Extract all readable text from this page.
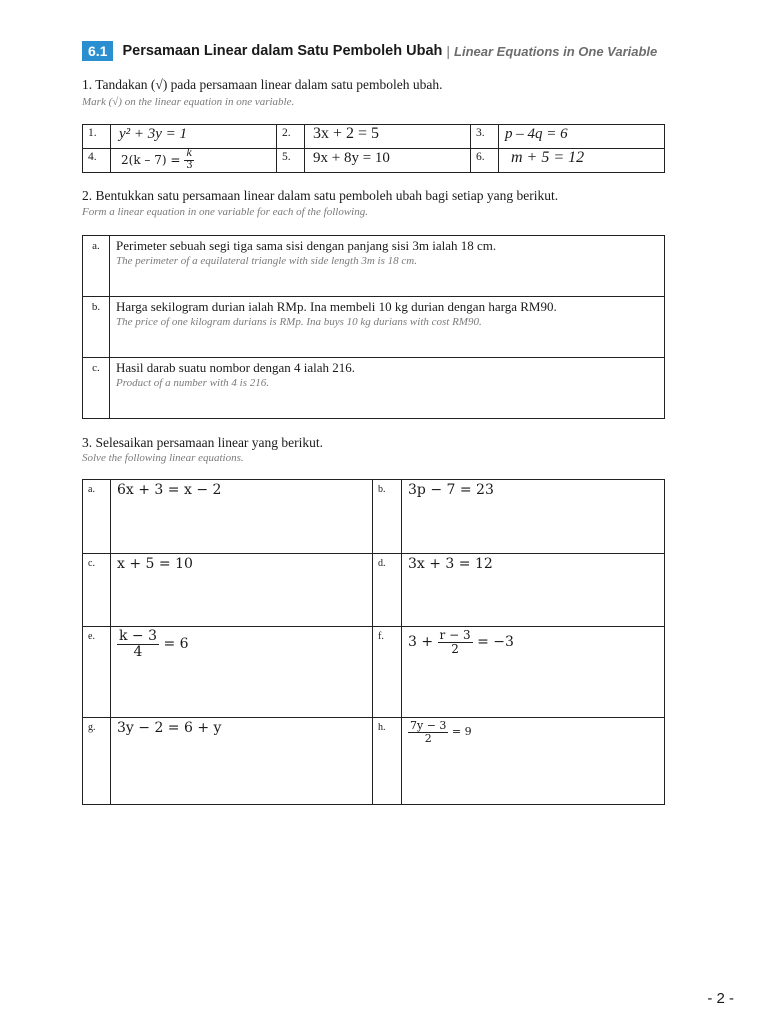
6.1	Persamaan Linear dalam Satu Pemboleh Ubah | Linear Equations in One Variable
1. Tandakan (√) pada persamaan linear dalam satu pemboleh ubah.
Mark (√) on the linear equation in one variable.
1.	y² + 3y = 1	2.	3x + 2 = 5	3.	p – 4q = 6
4.	$2(k - 7) = \frac{k}{3}$	5.	9x + 8y = 10	6.	m + 5 = 12
2. Bentukkan satu persamaan linear dalam satu pemboleh ubah bagi setiap yang berikut.
Form a linear equation in one variable for each of the following.
a.	Perimeter sebuah segi tiga sama sisi dengan panjang sisi 3m ialah 18 cm.
The perimeter of a equilateral triangle with side length 3m is 18 cm.

b.	Harga sekilogram durian ialah RMp. Ina membeli 10 kg durian dengan harga RM90.
The price of one kilogram durians is RMp. Ina buys 10 kg durians with cost RM90.

c.	Hasil darab suatu nombor dengan 4 ialah 216.
Product of a number with 4 is 216.
3. Selesaikan persamaan linear yang berikut.
Solve the following linear equations.
a.	6x + 3 = x − 2	b.	3p − 7 = 23
c.	x + 5 = 10	d.	3x + 3 = 12
e.	$\frac{k - 3}{4} = 6$	f.	$3 + \frac{r - 3}{2} = -3$
g.	3y − 2 = 6 + y	h.	$\frac{7y - 3}{2} = 9$
- 2 -
